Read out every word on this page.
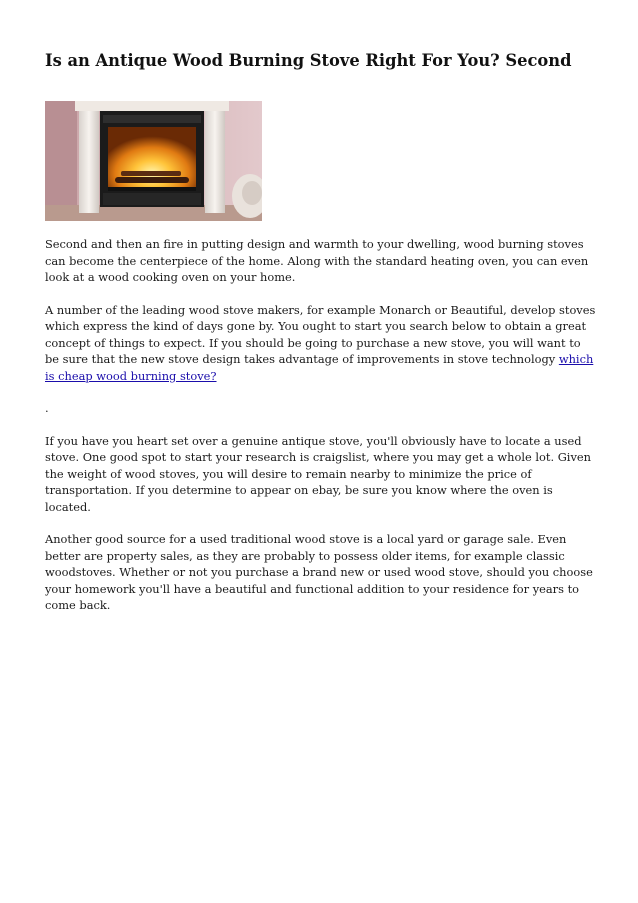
Is an Antique Wood Burning Stove Right For You? Second

Second and then an fire in putting design and warmth to your dwelling, wood burning stoves can become the centerpiece of the home. Along with the standard heating oven, you can even look at a wood cooking oven on your home.

A number of the leading wood stove makers, for example Monarch or Beautiful, develop stoves which express the kind of days gone by. You ought to start you search below to obtain a great concept of things to expect. If you should be going to purchase a new stove, you will want to be sure that the new stove design takes advantage of improvements in stove technology which is cheap wood burning stove?

.

If you have you heart set over a genuine antique stove, you'll obviously have to locate a used stove. One good spot to start your research is craigslist, where you may get a whole lot. Given the weight of wood stoves, you will desire to remain nearby to minimize the price of transportation. If you determine to appear on ebay, be sure you know where the oven is located.

Another good source for a used traditional wood stove is a local yard or garage sale. Even better are property sales, as they are probably to possess older items, for example classic woodstoves. Whether or not you purchase a brand new or used wood stove, should you choose your homework you'll have a beautiful and functional addition to your residence for years to come back.
